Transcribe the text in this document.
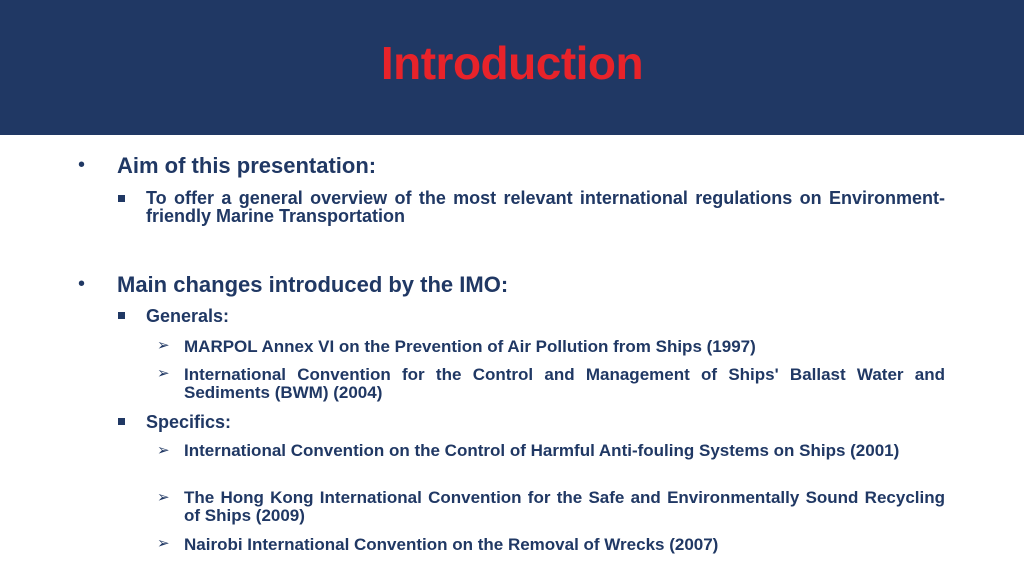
Introduction
• Aim of this presentation:
To offer a general overview of the most relevant international regulations on Environment-friendly Marine Transportation
• Main changes introduced by the IMO:
Generals:
➢ MARPOL Annex VI on the Prevention of Air Pollution from Ships (1997)
➢ International Convention for the Control and Management of Ships' Ballast Water and Sediments (BWM) (2004)
Specifics:
➢ International Convention on the Control of Harmful Anti-fouling Systems on Ships (2001)
➢ The Hong Kong International Convention for the Safe and Environmentally Sound Recycling of Ships (2009)
➢ Nairobi International Convention on the Removal of Wrecks (2007)
